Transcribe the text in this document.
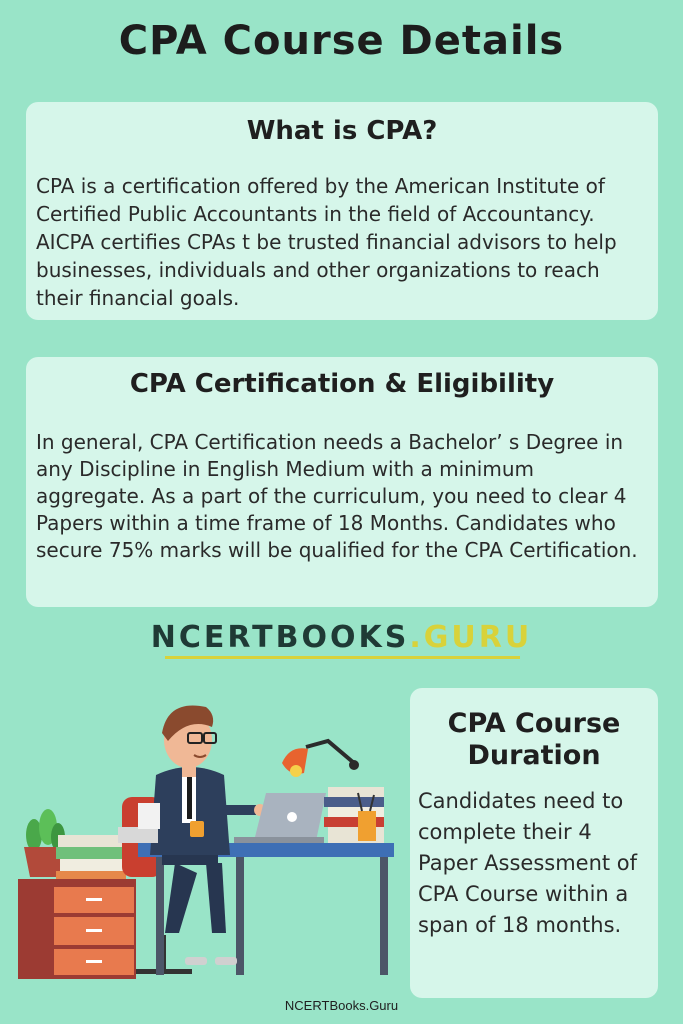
CPA Course Details
What is CPA?

CPA is a certification offered by the American Institute of Certified Public Accountants in the field of Accountancy. AICPA certifies CPAs t be trusted financial advisors to help businesses, individuals and other organizations to reach their financial goals.

CPA Certification & Eligibility

In general, CPA Certification needs a Bachelor’ s Degree in any Discipline in English Medium with a minimum aggregate. As a part of the curriculum, you need to clear 4 Papers within a time frame of 18 Months. Candidates who secure 75% marks will be qualified for the CPA Certification.

NCERTBOOKS.GURU
CPA Course Duration

Candidates need to complete their 4 Paper Assessment of CPA Course within a span of 18 months.

NCERTBooks.Guru
